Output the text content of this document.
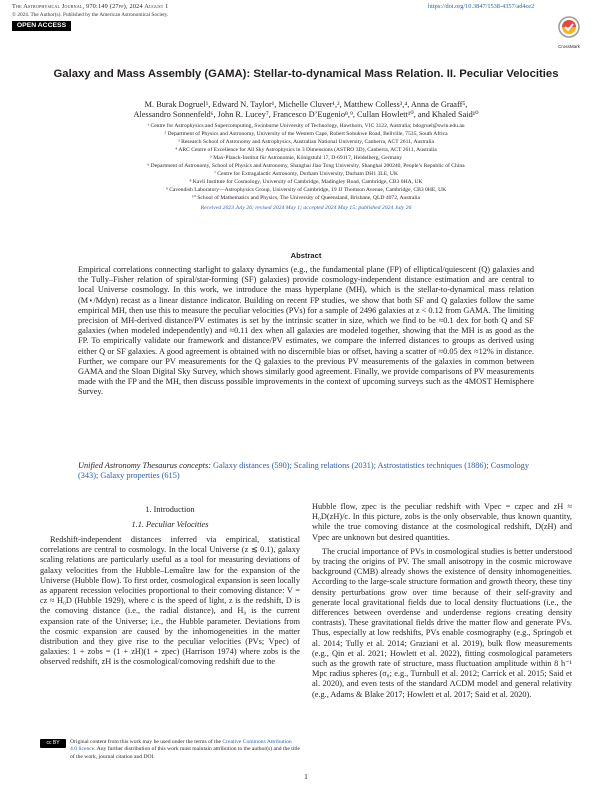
The Astrophysical Journal, 970:149 (27pp), 2024 August 1
© 2024. The Author(s). Published by the American Astronomical Society.
https://doi.org/10.3847/1538-4357/ad4ce2
OPEN ACCESS
CrossMark
Galaxy and Mass Assembly (GAMA): Stellar-to-dynamical Mass Relation. II. Peculiar Velocities
M. Burak Dogruel¹, Edward N. Taylor¹, Michelle Cluver¹,², Matthew Colless³,⁴, Anna de Graaff⁵,
Alessandro Sonnenfeld⁶, John R. Lucey⁷, Francesco D’Eugenio⁸,⁹, Cullan Howlett¹⁰, and Khaled Said¹⁰
¹ Centre for Astrophysics and Supercomputing, Swinburne University of Technology, Hawthorn, VIC 3122, Australia; bdogruel@swin.edu.au
² Department of Physics and Astronomy, University of the Western Cape, Robert Sobukwe Road, Bellville, 7535, South Africa
³ Research School of Astronomy and Astrophysics, Australian National University, Canberra, ACT 2611, Australia
⁴ ARC Centre of Excellence for All Sky Astrophysics in 3 Dimensions (ASTRO 3D), Canberra, ACT 2611, Australia
⁵ Max-Planck-Institut für Astronomie, Königstuhl 17, D-69117, Heidelberg, Germany
⁶ Department of Astronomy, School of Physics and Astronomy, Shanghai Jiao Tong University, Shanghai 200240, People’s Republic of China
⁷ Centre for Extragalactic Astronomy, Durham University, Durham DH1 3LE, UK
⁸ Kavli Institute for Cosmology, University of Cambridge, Madingley Road, Cambridge, CB3 0HA, UK
⁹ Cavendish Laboratory—Astrophysics Group, University of Cambridge, 19 JJ Thomson Avenue, Cambridge, CB3 0HE, UK
¹⁰ School of Mathematics and Physics, The University of Queensland, Brisbane, QLD 4072, Australia
Received 2023 July 26; revised 2024 May 1; accepted 2024 May 15; published 2024 July 26
Abstract
Empirical correlations connecting starlight to galaxy dynamics (e.g., the fundamental plane (FP) of elliptical/quiescent (Q) galaxies and the Tully–Fisher relation of spiral/star-forming (SF) galaxies) provide cosmology-independent distance estimation and are central to local Universe cosmology. In this work, we introduce the mass hyperplane (MH), which is the stellar-to-dynamical mass relation (M⋆/Mdyn) recast as a linear distance indicator. Building on recent FP studies, we show that both SF and Q galaxies follow the same empirical MH, then use this to measure the peculiar velocities (PVs) for a sample of 2496 galaxies at z < 0.12 from GAMA. The limiting precision of MH-derived distance/PV estimates is set by the intrinsic scatter in size, which we find to be ≈0.1 dex for both Q and SF galaxies (when modeled independently) and ≈0.11 dex when all galaxies are modeled together, showing that the MH is as good as the FP. To empirically validate our framework and distance/PV estimates, we compare the inferred distances to groups as derived using either Q or SF galaxies. A good agreement is obtained with no discernible bias or offset, having a scatter of ≈0.05 dex ≈12% in distance. Further, we compare our PV measurements for the Q galaxies to the previous PV measurements of the galaxies in common between GAMA and the Sloan Digital Sky Survey, which shows similarly good agreement. Finally, we provide comparisons of PV measurements made with the FP and the MH, then discuss possible improvements in the context of upcoming surveys such as the 4MOST Hemisphere Survey.
Unified Astronomy Thesaurus concepts: Galaxy distances (590); Scaling relations (2031); Astrostatistics techniques (1886); Cosmology (343); Galaxy properties (615)
1. Introduction
1.1. Peculiar Velocities

Redshift-independent distances inferred via empirical, statistical correlations are central to cosmology. In the local Universe (z ≲ 0.1), galaxy scaling relations are particularly useful as a tool for measuring deviations of galaxy velocities from the Hubble–Lemaître law for the expansion of the Universe (Hubble flow). To first order, cosmological expansion is seen locally as apparent recession velocities proportional to their comoving distance: V = cz ≈ H₀D (Hubble 1929), where c is the speed of light, z is the redshift, D is the comoving distance (i.e., the radial distance), and H₀ is the current expansion rate of the Universe; i.e., the Hubble parameter. Deviations from the cosmic expansion are caused by the inhomogeneities in the matter distribution and they give rise to the peculiar velocities (PVs; Vpec) of galaxies: 1 + zobs = (1 + zH)(1 + zpec) (Harrison 1974) where zobs is the observed redshift, zH is the cosmological/comoving redshift due to the

Hubble flow, zpec is the peculiar redshift with Vpec = czpec and zH ≈ H₀D(zH)/c. In this picture, zobs is the only observable, thus known quantity, while the true comoving distance at the cosmological redshift, D(zH) and Vpec are unknown but desired quantities.

The crucial importance of PVs in cosmological studies is better understood by tracing the origins of PV. The small anisotropy in the cosmic microwave background (CMB) already shows the existence of density inhomogeneities. According to the large-scale structure formation and growth theory, these tiny density perturbations grow over time because of their self-gravity and generate local gravitational fields due to local density fluctuations (i.e., the differences between overdense and underdense regions creating density contrasts). These gravitational fields drive the matter flow and generate PVs. Thus, especially at low redshifts, PVs enable cosmography (e.g., Springob et al. 2014; Tully et al. 2014; Graziani et al. 2019), bulk flow measurements (e.g., Qin et al. 2021; Howlett et al. 2022), fitting cosmological parameters such as the growth rate of structure, mass fluctuation amplitude within 8 h⁻¹ Mpc radius spheres (σ₈; e.g., Turnbull et al. 2012; Carrick et al. 2015; Said et al. 2020), and even tests of the standard ΛCDM model and general relativity (e.g., Adams & Blake 2017; Howlett et al. 2017; Said et al. 2020).

cc BY	Original content from this work may be used under the terms of the Creative Commons Attribution 4.0 licence. Any further distribution of this work must maintain attribution to the author(s) and the title of the work, journal citation and DOI.
1
